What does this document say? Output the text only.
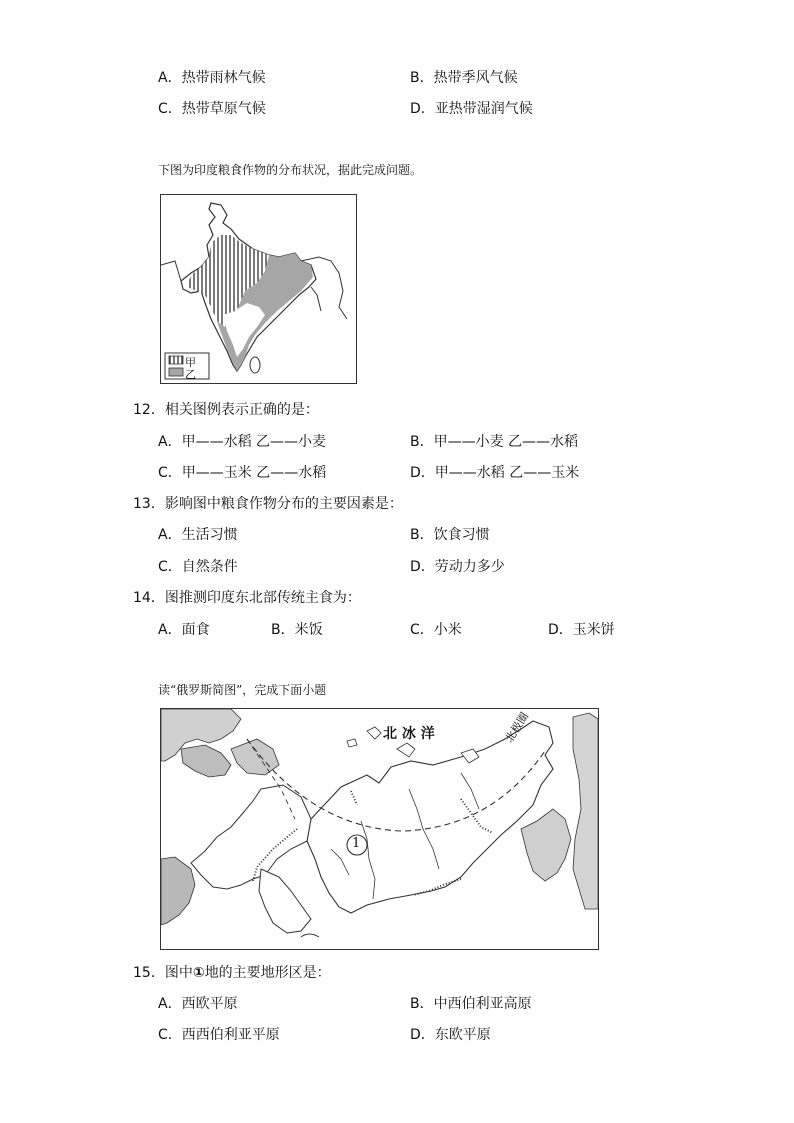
A．热带雨林气候	B．热带季风气候
C．热带草原气候	D．亚热带湿润气候
下图为印度粮食作物的分布状况，据此完成问题。
甲
乙
12．相关图例表示正确的是：
A．甲——水稻 乙——小麦	B．甲——小麦 乙——水稻
C．甲——玉米 乙——水稻	D．甲——水稻 乙——玉米
13．影响图中粮食作物分布的主要因素是：
A．生活习惯	B．饮食习惯
C．自然条件	D．劳动力多少
14．图推测印度东北部传统主食为：
A．面食	B．米饭	C．小米	D．玉米饼
读“俄罗斯简图”，完成下面小题
北 冰 洋	北极圈
1
15．图中①地的主要地形区是：
A．西欧平原	B．中西伯利亚高原
C．西西伯利亚平原	D．东欧平原
